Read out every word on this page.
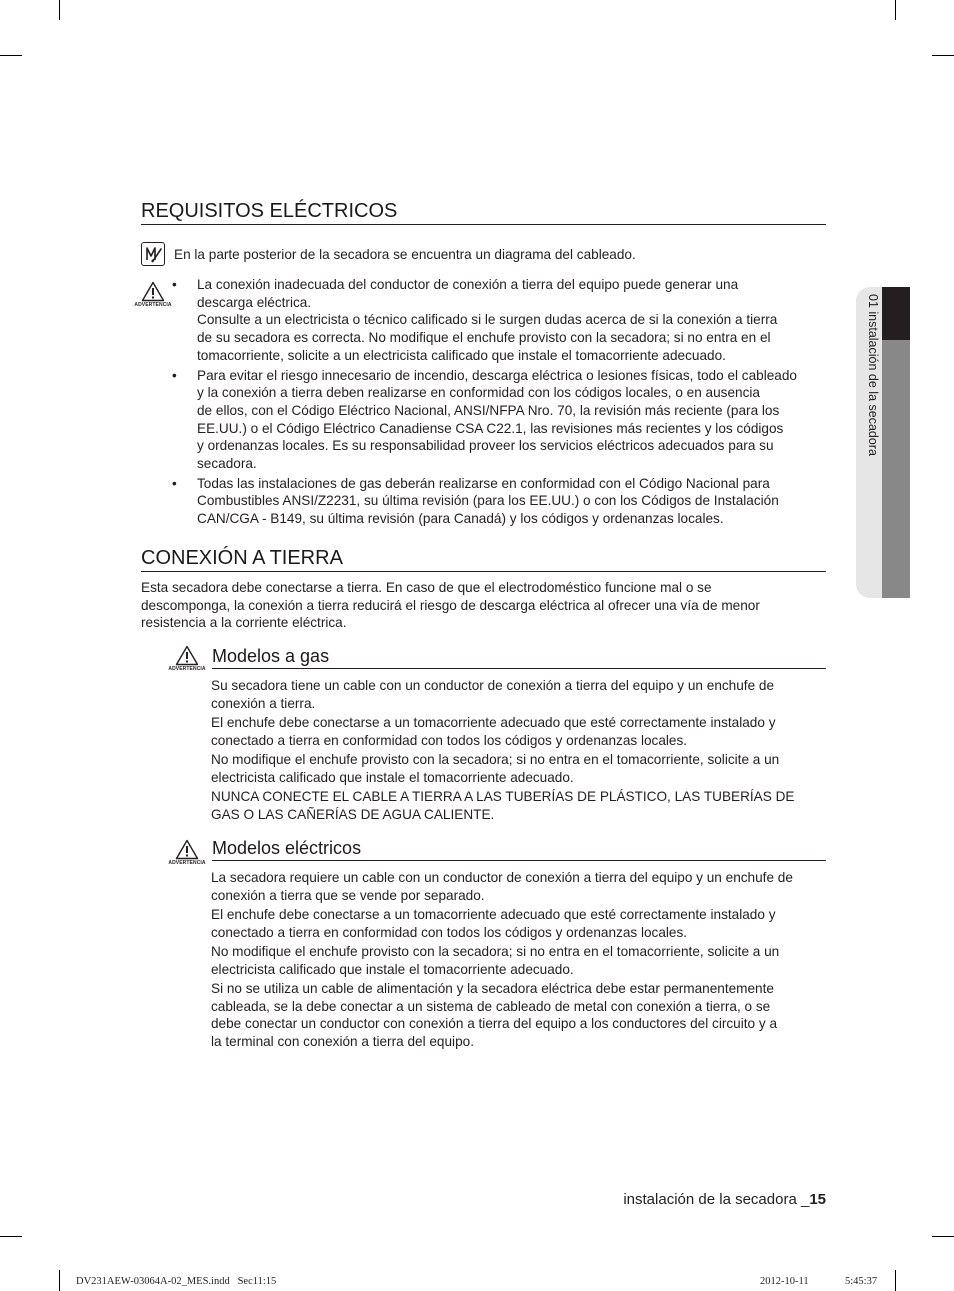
REQUISITOS ELÉCTRICOS
En la parte posterior de la secadora se encuentra un diagrama del cableado.
ADVERTENCIA
• La conexión inadecuada del conductor de conexión a tierra del equipo puede generar una
descarga eléctrica.
Consulte a un electricista o técnico calificado si le surgen dudas acerca de si la conexión a tierra
de su secadora es correcta. No modifique el enchufe provisto con la secadora; si no entra en el
tomacorriente, solicite a un electricista calificado que instale el tomacorriente adecuado.
• Para evitar el riesgo innecesario de incendio, descarga eléctrica o lesiones físicas, todo el cableado
y la conexión a tierra deben realizarse en conformidad con los códigos locales, o en ausencia
de ellos, con el Código Eléctrico Nacional, ANSI/NFPA Nro. 70, la revisión más reciente (para los
EE.UU.) o el Código Eléctrico Canadiense CSA C22.1, las revisiones más recientes y los códigos
y ordenanzas locales. Es su responsabilidad proveer los servicios eléctricos adecuados para su
secadora.
• Todas las instalaciones de gas deberán realizarse en conformidad con el Código Nacional para
Combustibles ANSI/Z2231, su última revisión (para los EE.UU.) o con los Códigos de Instalación
CAN/CGA - B149, su última revisión (para Canadá) y los códigos y ordenanzas locales.
CONEXIÓN A TIERRA
Esta secadora debe conectarse a tierra. En caso de que el electrodoméstico funcione mal o se
descomponga, la conexión a tierra reducirá el riesgo de descarga eléctrica al ofrecer una vía de menor
resistencia a la corriente eléctrica.
ADVERTENCIA
Modelos a gas
Su secadora tiene un cable con un conductor de conexión a tierra del equipo y un enchufe de
conexión a tierra.
El enchufe debe conectarse a un tomacorriente adecuado que esté correctamente instalado y
conectado a tierra en conformidad con todos los códigos y ordenanzas locales.
No modifique el enchufe provisto con la secadora; si no entra en el tomacorriente, solicite a un
electricista calificado que instale el tomacorriente adecuado.
NUNCA CONECTE EL CABLE A TIERRA A LAS TUBERÍAS DE PLÁSTICO, LAS TUBERÍAS DE
GAS O LAS CAÑERÍAS DE AGUA CALIENTE.
ADVERTENCIA
Modelos eléctricos
La secadora requiere un cable con un conductor de conexión a tierra del equipo y un enchufe de
conexión a tierra que se vende por separado.
El enchufe debe conectarse a un tomacorriente adecuado que esté correctamente instalado y
conectado a tierra en conformidad con todos los códigos y ordenanzas locales.
No modifique el enchufe provisto con la secadora; si no entra en el tomacorriente, solicite a un
electricista calificado que instale el tomacorriente adecuado.
Si no se utiliza un cable de alimentación y la secadora eléctrica debe estar permanentemente
cableada, se la debe conectar a un sistema de cableado de metal con conexión a tierra, o se
debe conectar un conductor con conexión a tierra del equipo a los conductores del circuito y a
la terminal con conexión a tierra del equipo.
01 instalación de la secadora
instalación de la secadora _15
DV231AEW-03064A-02_MES.indd   Sec11:15	2012-10-11	5:45:37
